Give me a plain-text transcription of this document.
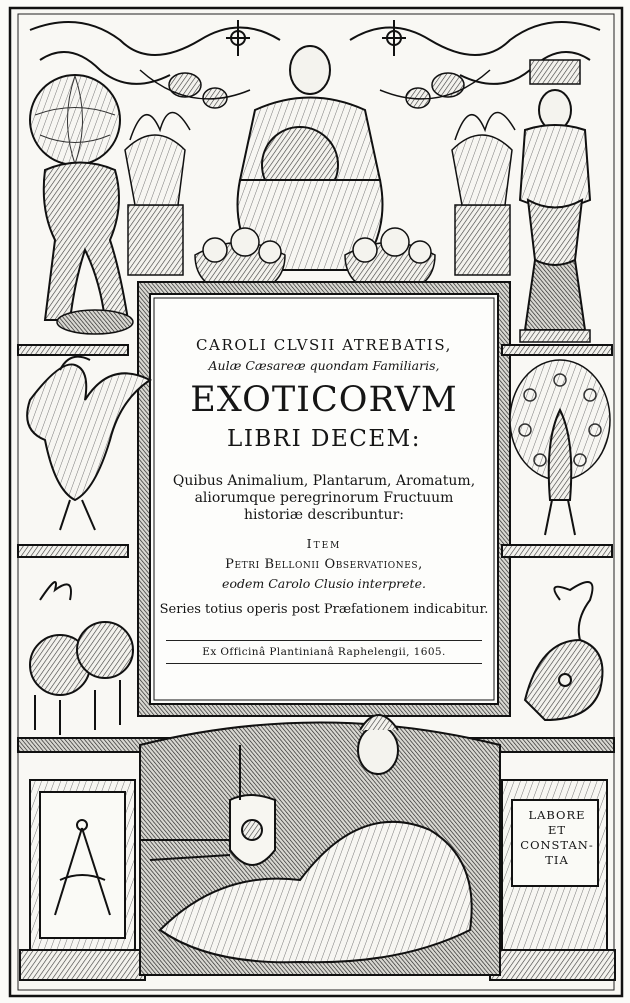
CAROLI CLVSII ATREBATIS,
Aulæ Cæsareæ quondam Familiaris,
EXOTICORVM
LIBRI DECEM:
Quibus Animalium, Plantarum, Aromatum,
aliorumque peregrinorum Fructuum
historiæ describuntur:
Item
Petri Bellonii Observationes,
eodem Carolo Clusio interprete.
Series totius operis post Præfationem indicabitur.
Ex Officinâ Plantinianâ Raphelengii, 1605.
LABORE
ET
CONSTAN-
TIA
